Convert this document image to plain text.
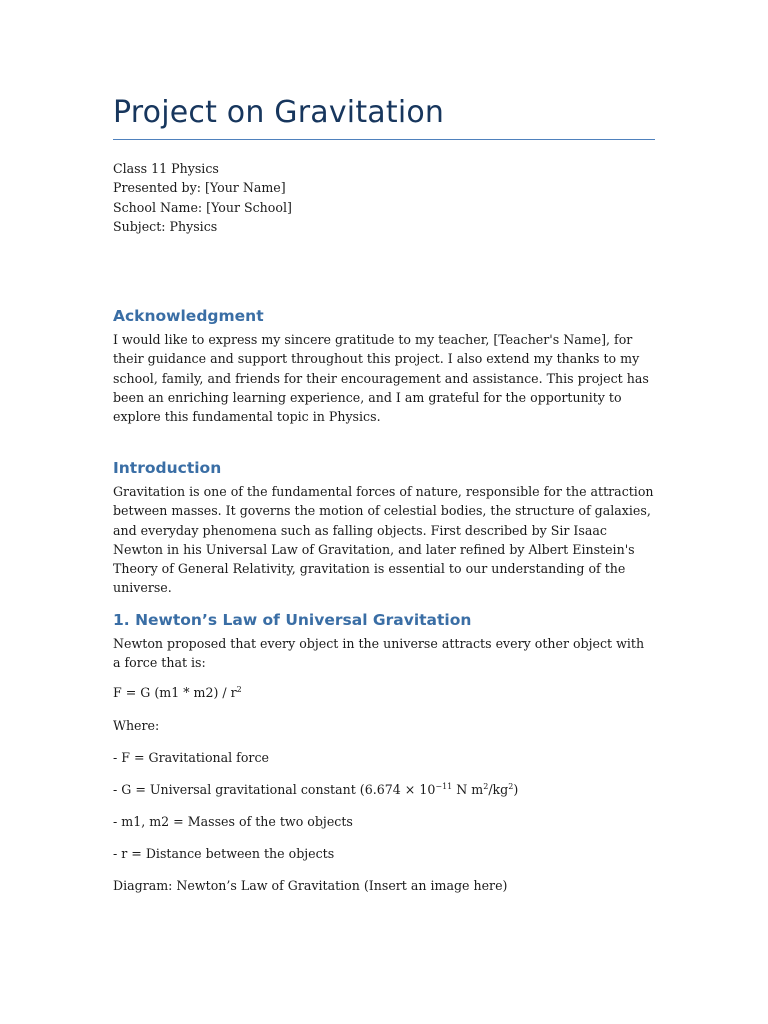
Project on Gravitation
Class 11 Physics
Presented by: [Your Name]
School Name: [Your School]
Subject: Physics
Acknowledgment
I would like to express my sincere gratitude to my teacher, [Teacher's Name], for their guidance and support throughout this project. I also extend my thanks to my school, family, and friends for their encouragement and assistance. This project has been an enriching learning experience, and I am grateful for the opportunity to explore this fundamental topic in Physics.
Introduction
Gravitation is one of the fundamental forces of nature, responsible for the attraction between masses. It governs the motion of celestial bodies, the structure of galaxies, and everyday phenomena such as falling objects. First described by Sir Isaac Newton in his Universal Law of Gravitation, and later refined by Albert Einstein's Theory of General Relativity, gravitation is essential to our understanding of the universe.
1. Newton’s Law of Universal Gravitation
Newton proposed that every object in the universe attracts every other object with a force that is:
F = G $(m1 * m2) / r^2$
Where:
- F = Gravitational force
- G = Universal gravitational constant ($6.674 \times 10^{-11}$ N $m^2/kg^2$)
- m1, m2 = Masses of the two objects
- r = Distance between the objects
Diagram: Newton’s Law of Gravitation (Insert an image here)
